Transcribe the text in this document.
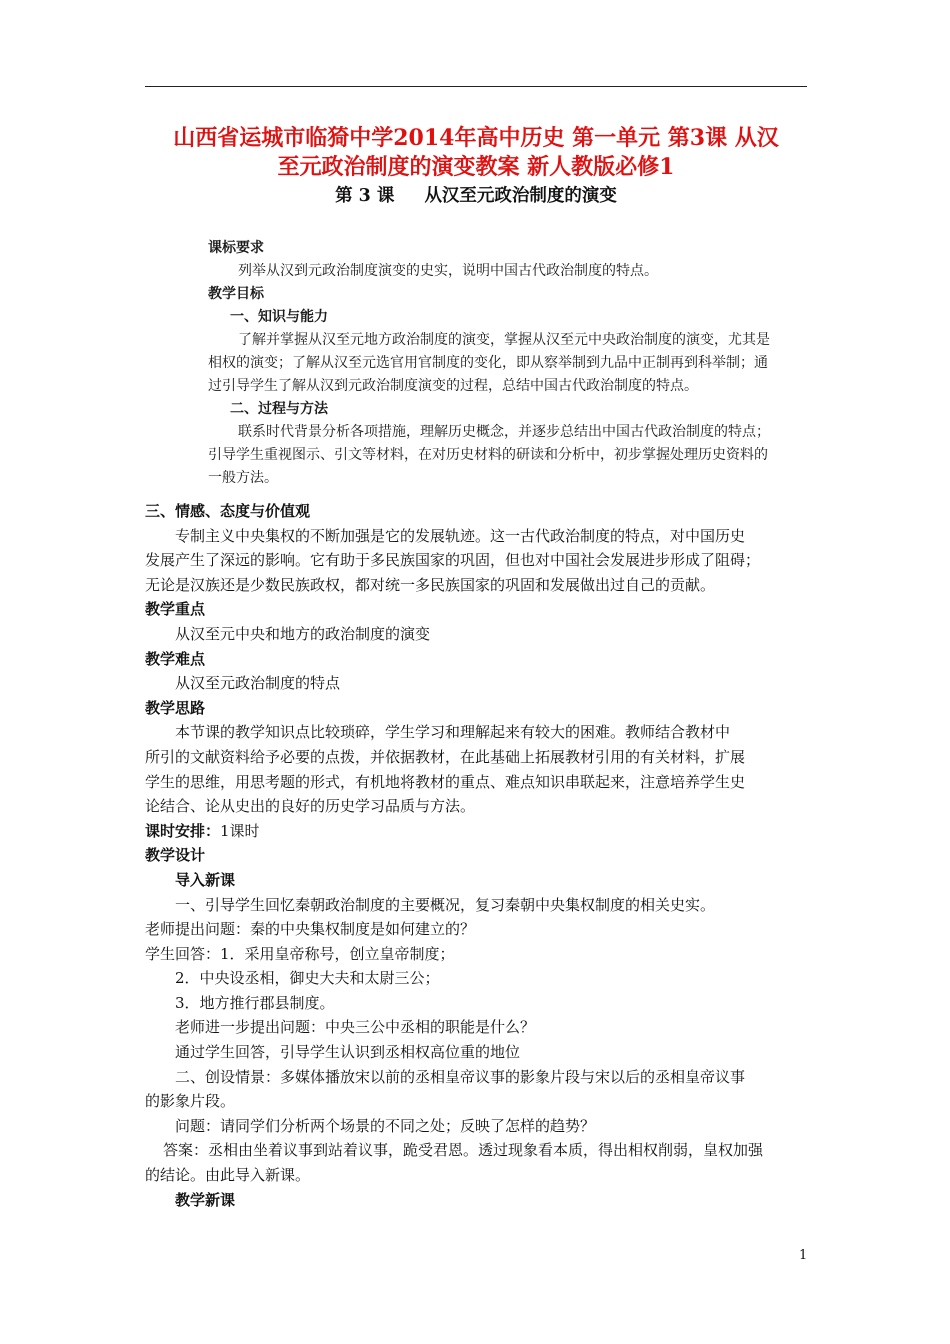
山西省运城市临猗中学2014年高中历史 第一单元 第3课 从汉
至元政治制度的演变教案 新人教版必修1
第 3 课 从汉至元政治制度的演变
课标要求
列举从汉到元政治制度演变的史实，说明中国古代政治制度的特点。
教学目标
一、知识与能力
了解并掌握从汉至元地方政治制度的演变，掌握从汉至元中央政治制度的演变，尤其是
相权的演变；了解从汉至元选官用官制度的变化，即从察举制到九品中正制再到科举制；通
过引导学生了解从汉到元政治制度演变的过程，总结中国古代政治制度的特点。
二、过程与方法
联系时代背景分析各项措施，理解历史概念，并逐步总结出中国古代政治制度的特点；
引导学生重视图示、引文等材料，在对历史材料的研读和分析中，初步掌握处理历史资料的
一般方法。
三、情感、态度与价值观
专制主义中央集权的不断加强是它的发展轨迹。这一古代政治制度的特点，对中国历史
发展产生了深远的影响。它有助于多民族国家的巩固，但也对中国社会发展进步形成了阻碍；
无论是汉族还是少数民族政权，都对统一多民族国家的巩固和发展做出过自己的贡献。
教学重点
从汉至元中央和地方的政治制度的演变
教学难点
从汉至元政治制度的特点
教学思路
本节课的教学知识点比较琐碎，学生学习和理解起来有较大的困难。教师结合教材中
所引的文献资料给予必要的点拨，并依据教材，在此基础上拓展教材引用的有关材料，扩展
学生的思维，用思考题的形式，有机地将教材的重点、难点知识串联起来，注意培养学生史
论结合、论从史出的良好的历史学习品质与方法。
课时安排：1课时
教学设计
导入新课
一、引导学生回忆秦朝政治制度的主要概况，复习秦朝中央集权制度的相关史实。
老师提出问题：秦的中央集权制度是如何建立的？
学生回答：1．采用皇帝称号，创立皇帝制度；
2．中央设丞相，御史大夫和太尉三公；
3．地方推行郡县制度。
老师进一步提出问题：中央三公中丞相的职能是什么？
通过学生回答，引导学生认识到丞相权高位重的地位
二、创设情景：多媒体播放宋以前的丞相皇帝议事的影象片段与宋以后的丞相皇帝议事
的影象片段。
问题：请同学们分析两个场景的不同之处；反映了怎样的趋势？
答案：丞相由坐着议事到站着议事，跪受君恩。透过现象看本质，得出相权削弱，皇权加强
的结论。由此导入新课。
教学新课
1
